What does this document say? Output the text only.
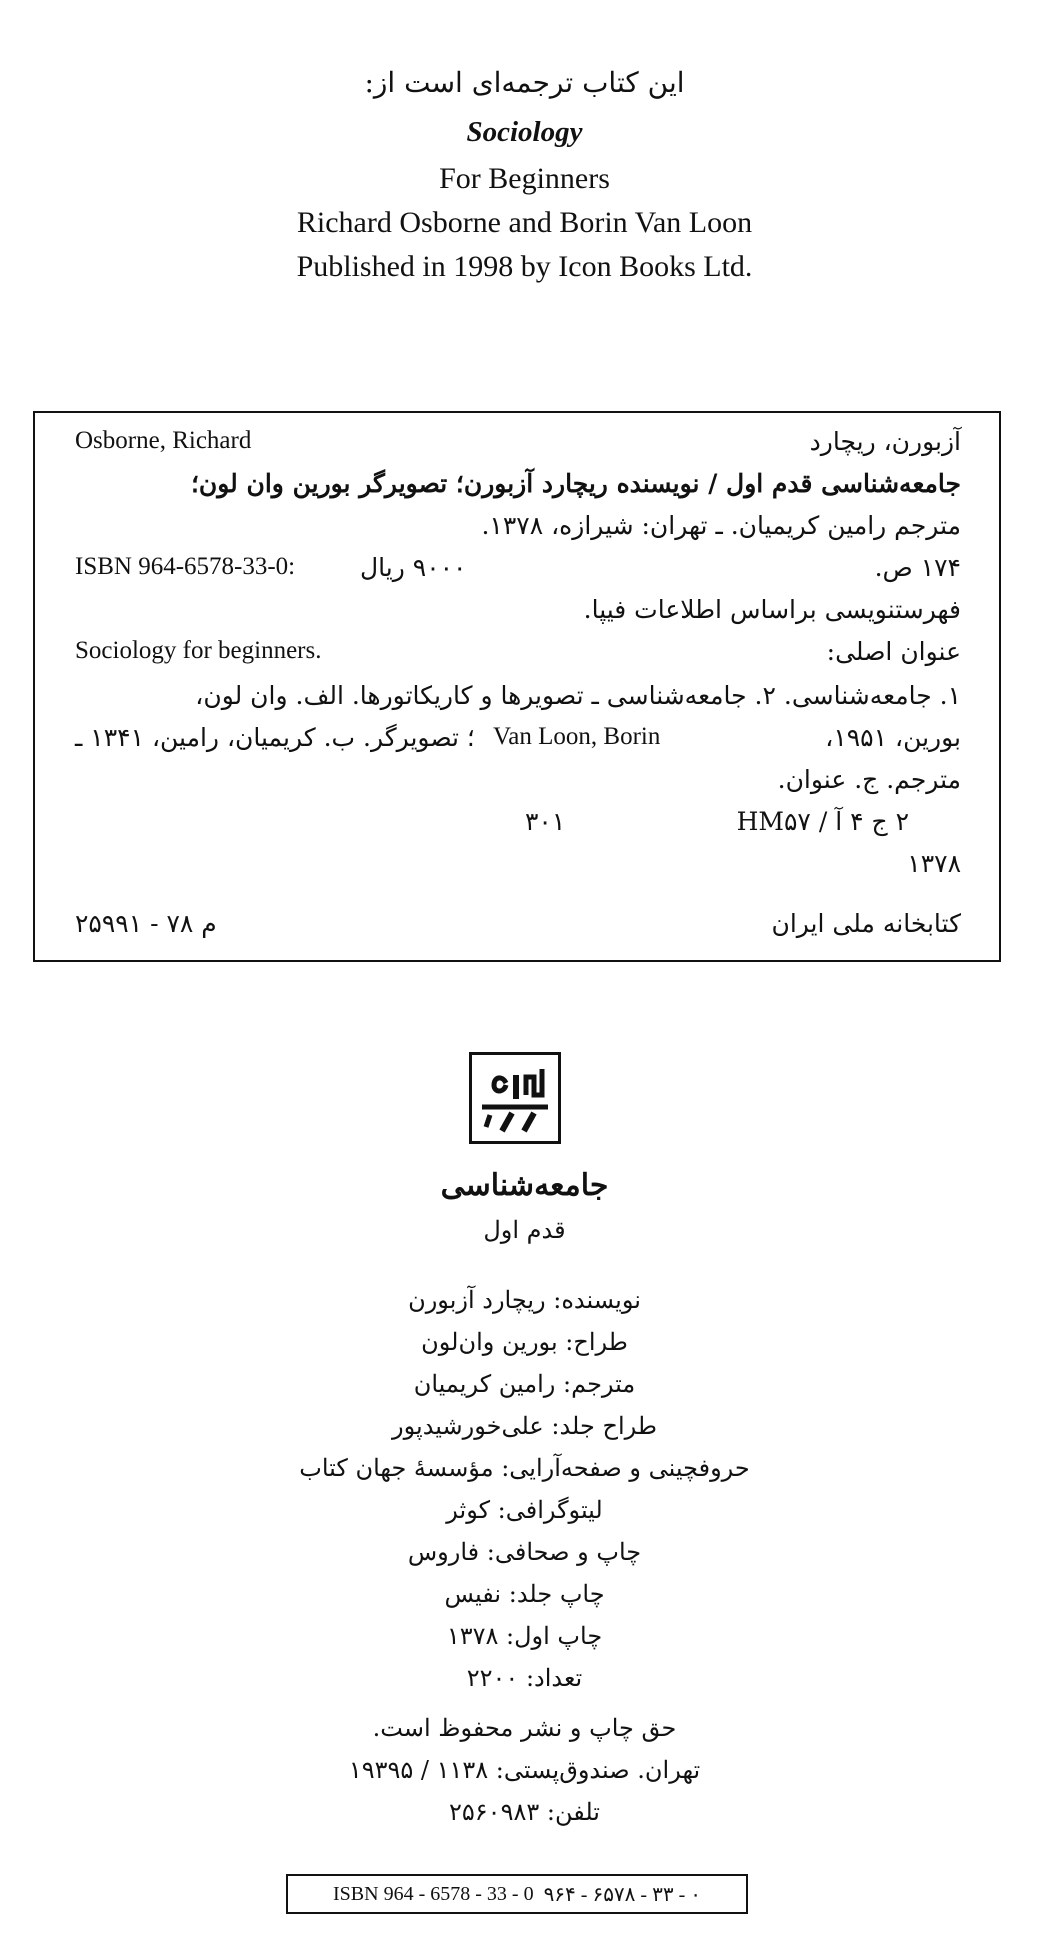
این کتاب ترجمه‌ای است از:
Sociology
For Beginners
Richard Osborne and Borin Van Loon
Published in 1998 by Icon Books Ltd.
Osborne, Richard	آزبورن، ریچارد
جامعه‌شناسی قدم اول / نویسنده ریچارد آزبورن؛ تصویرگر بورین وان لون؛
مترجم رامین کریمیان. ـ تهران: شیرازه، ۱۳۷۸.
ISBN 964-6578-33-0:	۹۰۰۰ ریال	۱۷۴ ص.
فهرستنویسی براساس اطلاعات فیپا.
Sociology for beginners.	عنوان اصلی:
۱. جامعه‌شناسی. ۲. جامعه‌شناسی ـ تصویرها و کاریکاتورها. الف. وان لون،
بورین، ۱۹۵۱،
Van Loon, Borin
؛ تصویرگر. ب. کریمیان، رامین، ۱۳۴۱ ـ
مترجم. ج. عنوان.
۲ ج ۴ آ / HM۵۷
۳۰۱
۱۳۷۸
کتابخانه ملی ایران
م ۷۸ - ۲۵۹۹۱
جامعه‌شناسی
قدم اول
نویسنده: ریچارد آزبورن
طراح: بورین وان‌لون
مترجم: رامین کریمیان
طراح جلد: علی‌خورشیدپور
حروفچینی و صفحه‌آرایی: مؤسسهٔ جهان کتاب
لیتوگرافی: کوثر
چاپ و صحافی: فاروس
چاپ جلد: نفیس
چاپ اول: ۱۳۷۸
تعداد: ۲۲۰۰
حق چاپ و نشر محفوظ است.
تهران. صندوق‌پستی: ۱۱۳۸ / ۱۹۳۹۵
تلفن: ۲۵۶۰۹۸۳
ISBN 964 - 6578 - 33 - 0 ۹۶۴ - ۶۵۷۸ - ۳۳ - ۰
